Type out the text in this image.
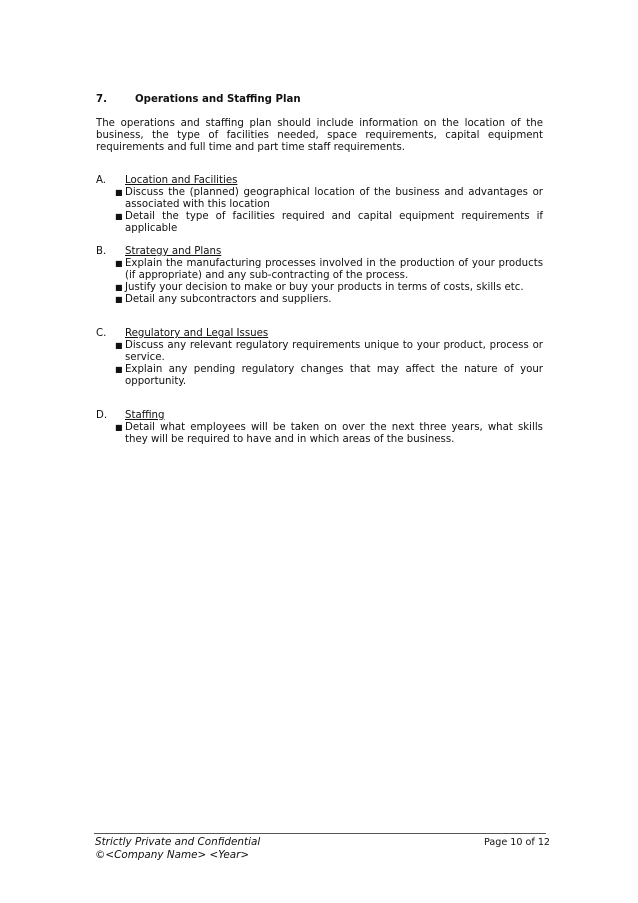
7.	Operations and Staffing Plan
The operations and staffing plan should include information on the location of the business, the type of facilities needed, space requirements, capital equipment requirements and full time and part time staff requirements.
A. Location and Facilities
■ Discuss the (planned) geographical location of the business and advantages or associated with this location
■ Detail the type of facilities required and capital equipment requirements if applicable
B. Strategy and Plans
■ Explain the manufacturing processes involved in the production of your products (if appropriate) and any sub-contracting of the process.
■ Justify your decision to make or buy your products in terms of costs, skills etc.
■ Detail any subcontractors and suppliers.
C. Regulatory and Legal Issues
■ Discuss any relevant regulatory requirements unique to your product, process or service.
■ Explain any pending regulatory changes that may affect the nature of your opportunity.
D. Staffing
■ Detail what employees will be taken on over the next three years, what skills they will be required to have and in which areas of the business.
Strictly Private and Confidential
©<Company Name> <Year>
Page 10 of 12
